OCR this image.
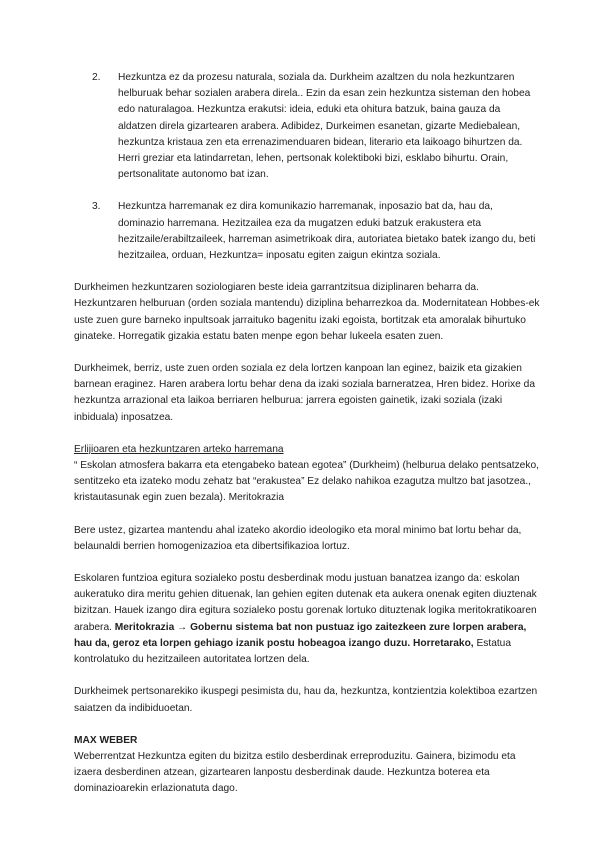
2. Hezkuntza ez da prozesu naturala, soziala da. Durkheim azaltzen du nola hezkuntzaren helburuak behar sozialen arabera direla.. Ezin da esan zein hezkuntza sisteman den hobea edo naturalagoa. Hezkuntza erakutsi: ideia, eduki eta ohitura batzuk, baina gauza da aldatzen direla gizartearen arabera. Adibidez, Durkeimen esanetan, gizarte Mediebalean, hezkuntza kristaua zen eta errenazimenduaren bidean, literario eta laikoago bihurtzen da. Herri greziar eta latindarretan, lehen, pertsonak kolektiboki bizi, esklabo bihurtu. Orain, pertsonalitate autonomo bat izan.
3. Hezkuntza harremanak ez dira komunikazio harremanak, inposazio bat da, hau da, dominazio harremana. Hezitzailea eza da mugatzen eduki batzuk erakustera eta hezitzaile/erabiltzaileek, harreman asimetrikoak dira, autoriatea bietako batek izango du, beti hezitzailea, orduan, Hezkuntza= inposatu egiten zaigun ekintza soziala.

Durkheimen hezkuntzaren soziologiaren beste ideia garrantzitsua diziplinaren beharra da. Hezkuntzaren helburuan (orden soziala mantendu) diziplina beharrezkoa da. Modernitatean Hobbes-ek uste zuen gure barneko inpultsoak jarraituko bagenitu izaki egoista, bortitzak eta amoralak bihurtuko ginateke. Horregatik gizakia estatu baten menpe egon behar lukeela esaten zuen.

Durkheimek, berriz, uste zuen orden soziala ez dela lortzen kanpoan lan eginez, baizik eta gizakien barnean eraginez. Haren arabera lortu behar dena da izaki soziala barneratzea, Hren bidez. Horixe da hezkuntza arrazional eta laikoa berriaren helburua: jarrera egoisten gainetik, izaki soziala (izaki inbiduala) inposatzea.

Erlijioaren eta hezkuntzaren arteko harremana

“ Eskolan atmosfera bakarra eta etengabeko batean egotea” (Durkheim) (helburua delako pentsatzeko, sentitzeko eta izateko modu zehatz bat “erakustea” Ez delako nahikoa ezagutza multzo bat jasotzea., kristautasunak egin zuen bezala). Meritokrazia

Bere ustez, gizartea mantendu ahal izateko akordio ideologiko eta moral minimo bat lortu behar da, belaunaldi berrien homogenizazioa eta dibertsifikazioa lortuz.

Eskolaren funtzioa egitura sozialeko postu desberdinak modu justuan banatzea izango da: eskolan aukeratuko dira meritu gehien dituenak, lan gehien egiten dutenak eta aukera onenak egiten diuztenak bizitzan. Hauek izango dira egitura sozialeko postu gorenak lortuko dituztenak logika meritokratikoaren arabera. Meritokrazia → Gobernu sistema bat non pustuaz igo zaitezkeen zure lorpen arabera, hau da, geroz eta lorpen gehiago izanik postu hobeagoa izango duzu. Horretarako, Estatua kontrolatuko du hezitzaileen autoritatea lortzen dela.

Durkheimek pertsonarekiko ikuspegi pesimista du, hau da, hezkuntza, kontzientzia kolektiboa ezartzen saiatzen da indibiduoetan.

MAX WEBER

Weberrentzat Hezkuntza egiten du bizitza estilo desberdinak erreproduzitu. Gainera, bizimodu eta izaera desberdinen atzean, gizartearen lanpostu desberdinak daude. Hezkuntza boterea eta dominazioarekin erlazionatuta dago.
